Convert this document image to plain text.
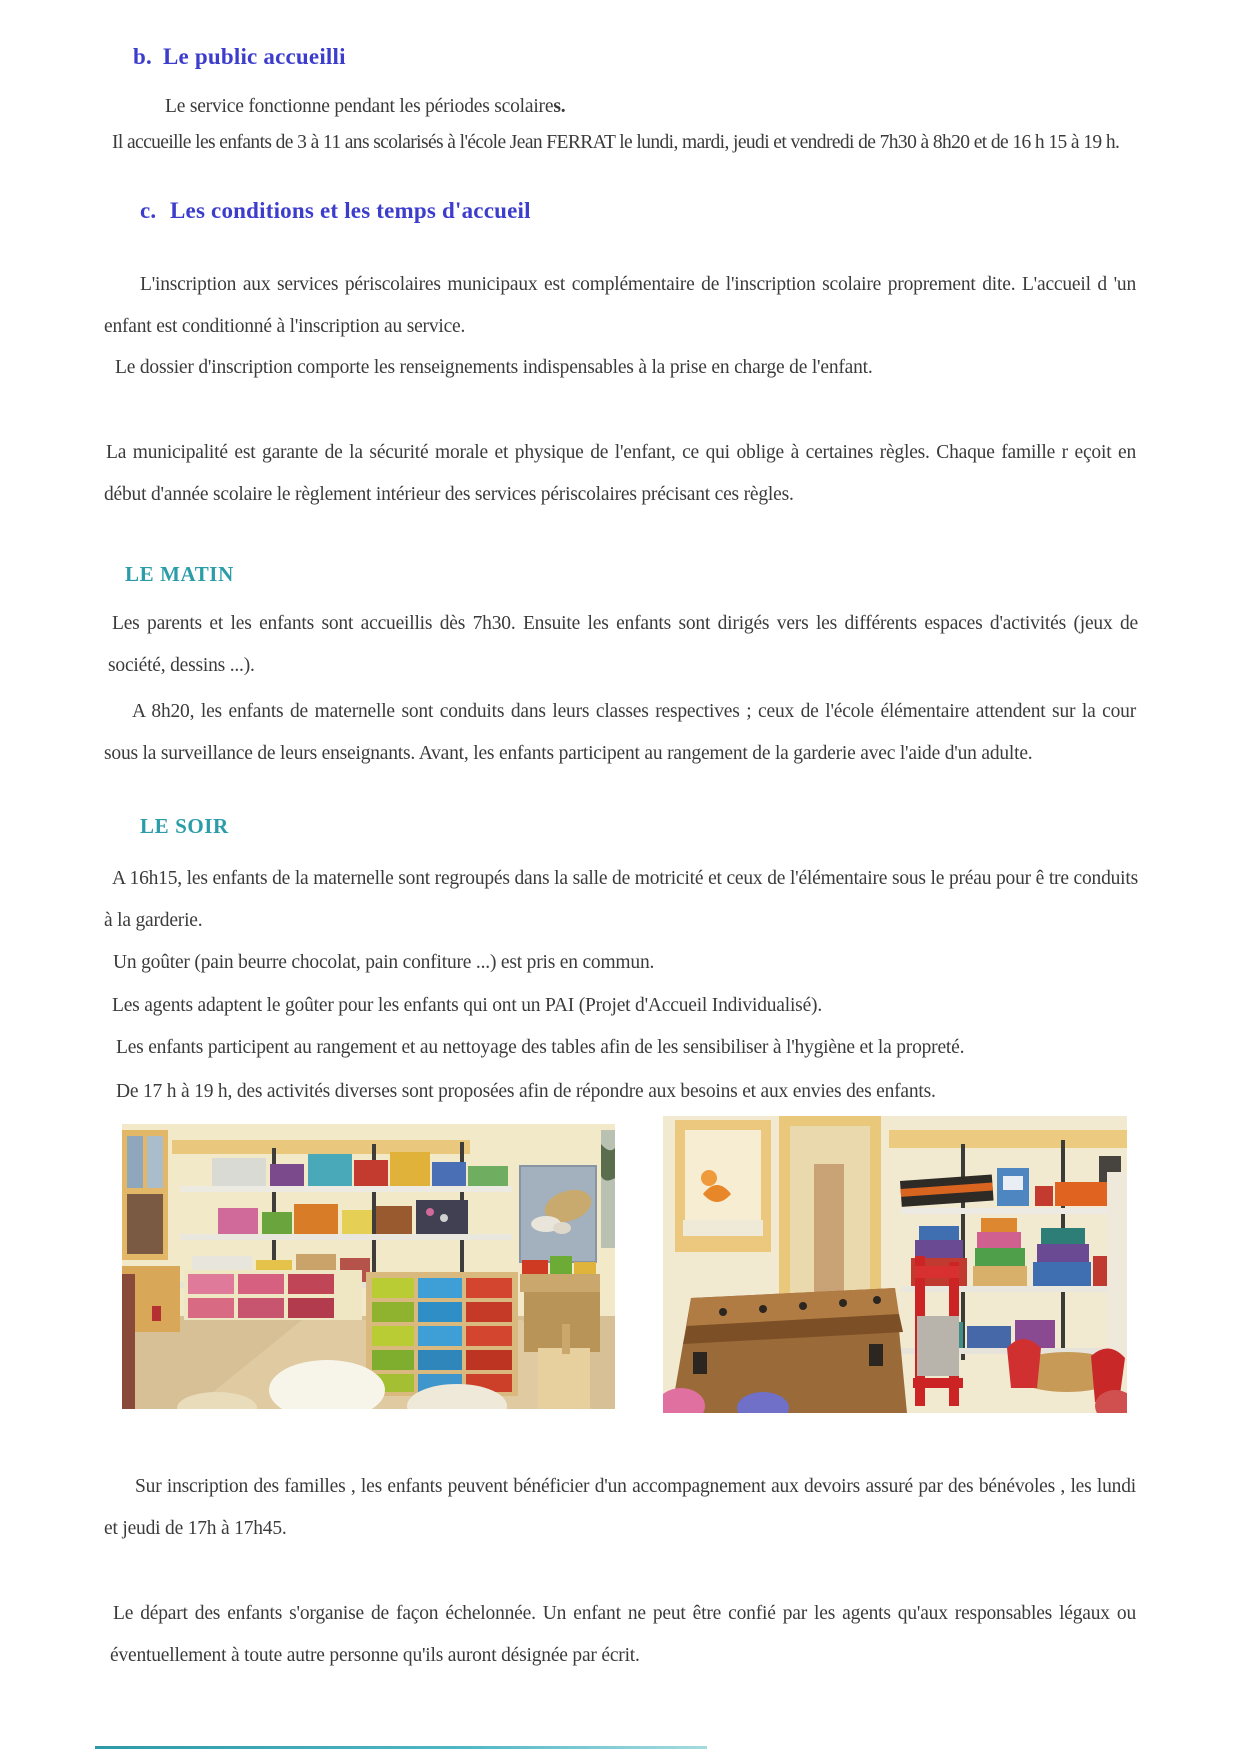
b. Le public accueilli

Le service fonctionne pendant les périodes scolaires.

Il accueille les enfants de 3 à 11 ans scolarisés à l'école Jean FERRAT le lundi, mardi, jeudi et vendredi de 7h30 à 8h20 et de 16 h 15 à 19 h.

c. Les conditions et les temps d'accueil

L'inscription aux services périscolaires municipaux est complémentaire de l'inscription scolaire proprement dite. L'accueil d 'un enfant est conditionné à l'inscription au service.

Le dossier d'inscription comporte les renseignements indispensables à la prise en charge de l'enfant.

La municipalité est garante de la sécurité morale et physique de l'enfant, ce qui oblige à certaines règles. Chaque famille r eçoit en début d'année scolaire le règlement intérieur des services périscolaires précisant ces règles.

LE MATIN

Les parents et les enfants sont accueillis dès 7h30. Ensuite les enfants sont dirigés vers les différents espaces d'activités (jeux de société, dessins ...).

A 8h20, les enfants de maternelle sont conduits dans leurs classes respectives ; ceux de l'école élémentaire attendent sur la cour sous la surveillance de leurs enseignants. Avant, les enfants participent au rangement de la garderie avec l'aide d'un adulte.

LE SOIR

A 16h15, les enfants de la maternelle sont regroupés dans la salle de motricité et ceux de l'élémentaire sous le préau pour ê tre conduits à la garderie.

Un goûter (pain beurre chocolat, pain confiture ...) est pris en commun.

Les agents adaptent le goûter pour les enfants qui ont un PAI (Projet d'Accueil Individualisé).

Les enfants participent au rangement et au nettoyage des tables afin de les sensibiliser à l'hygiène et la propreté.

De 17 h à 19 h, des activités diverses sont proposées afin de répondre aux besoins et aux envies des enfants.

Sur inscription des familles , les enfants peuvent bénéficier d'un accompagnement aux devoirs assuré par des bénévoles , les lundi et jeudi de 17h à 17h45.

Le départ des enfants s'organise de façon échelonnée. Un enfant ne peut être confié par les agents qu'aux responsables légaux ou éventuellement à toute autre personne qu'ils auront désignée par écrit.
